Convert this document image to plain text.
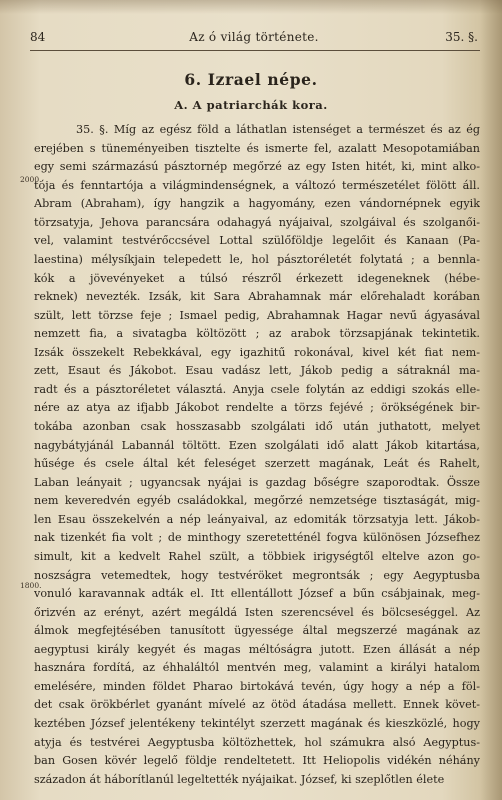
84	Az ó világ története.	35. §.
6. Izrael népe.
A. A patriarchák kora.
2000.
1800.
35. §. Míg az egész föld a láthatlan istenséget a természet és az ég
erejében s tüneményeiben tisztelte és ismerte fel, azalatt Mesopotamiában
egy semi származású pásztornép megőrzé az egy Isten hitét, ki, mint alko-
tója és fenntartója a világmindenségnek, a változó természetélet fölött áll.
Abram (Abraham), így hangzik a hagyomány, ezen vándornépnek egyik
törzsatyja, Jehova parancsára odahagyá nyájaival, szolgáival és szolganői-
vel, valamint testvérőccsével Lottal szülőföldje legelőit és Kanaan (Pa-
laestina) mélysíkjain telepedett le, hol pásztoréletét folytatá ; a bennla-
kók a jövevényeket a túlsó részről érkezett idegeneknek (hébe-
reknek) nevezték. Izsák, kit Sara Abrahamnak már előrehaladt korában
szült, lett törzse feje ; Ismael pedig, Abrahamnak Hagar nevű ágyasával
nemzett fia, a sivatagba költözött ; az arabok törzsapjának tekintetik.
Izsák összekelt Rebekkával, egy igazhitű rokonával, kivel két fiat nem-
zett, Esaut és Jákobot. Esau vadász lett, Jákob pedig a sátraknál ma-
radt és a pásztoréletet választá. Anyja csele folytán az eddigi szokás elle-
nére az atya az ifjabb Jákobot rendelte a törzs fejévé ; örökségének bir-
tokába azonban csak hosszasabb szolgálati idő után juthatott, melyet
nagybátyjánál Labannál töltött. Ezen szolgálati idő alatt Jákob kitartása,
hűsége és csele által két feleséget szerzett magának, Leát és Rahelt,
Laban leányait ; ugyancsak nyájai is gazdag bőségre szaporodtak. Össze
nem keveredvén egyéb családokkal, megőrzé nemzetsége tisztaságát, mig-
len Esau összekelvén a nép leányaival, az edomiták törzsatyja lett. Jákob-
nak tizenkét fia volt ; de minthogy szeretetténél fogva különösen Józsefhez
simult, kit a kedvelt Rahel szült, a többiek irigységtől eltelve azon go-
noszságra vetemedtek, hogy testvéröket megrontsák ; egy Aegyptusba
vonuló karavannak adták el. Itt ellentállott József a bűn csábjainak, meg-
őrizvén az erényt, azért megáldá Isten szerencsével és bölcseséggel. Az
álmok megfejtésében tanusított ügyessége által megszerzé magának az
aegyptusi király kegyét és magas méltóságra jutott. Ezen állását a nép
hasznára fordítá, az éhhaláltól mentvén meg, valamint a királyi hatalom
emelésére, minden földet Pharao birtokává tevén, úgy hogy a nép a föl-
det csak örökbérlet gyanánt mívelé az ötöd átadása mellett. Ennek követ-
keztében József jelentékeny tekintélyt szerzett magának és kieszközlé, hogy
atyja és testvérei Aegyptusba költözhettek, hol számukra alsó Aegyptus-
ban Gosen kövér legelő földje rendeltetett. Itt Heliopolis vidékén néhány
századon át háborítlanúl legeltették nyájaikat. József, ki szeplőtlen élete
